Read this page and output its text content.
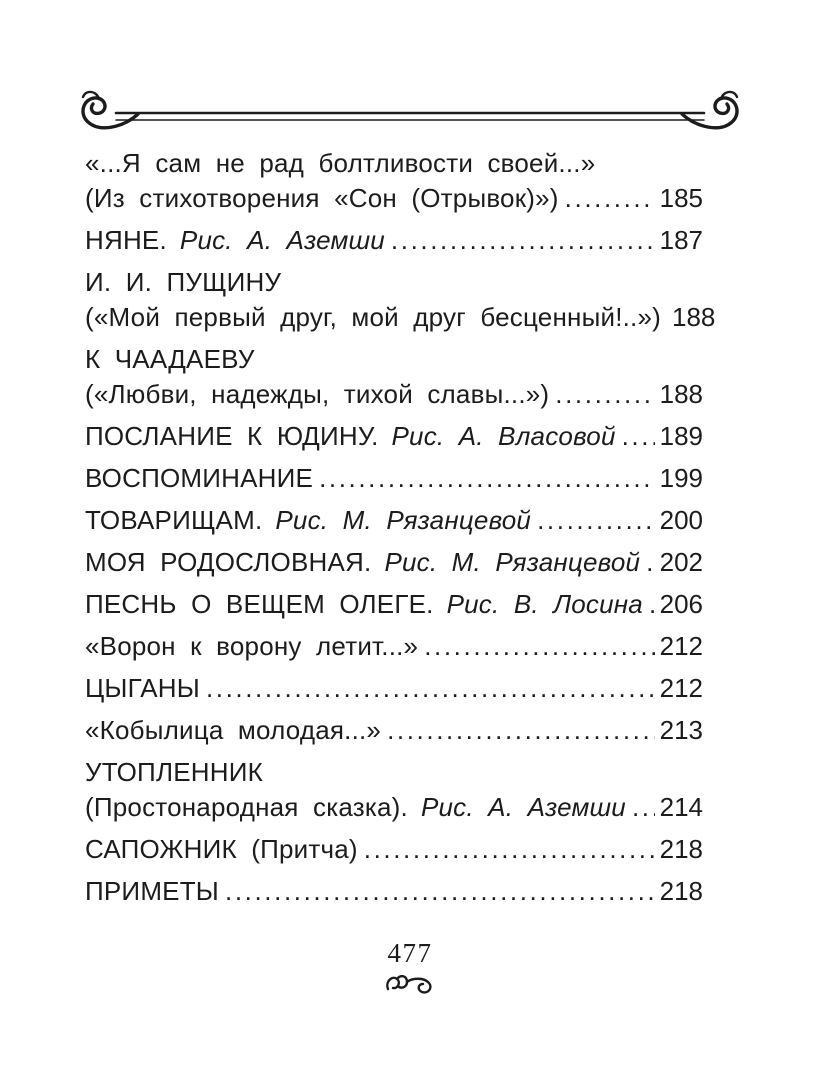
«...Я сам не рад болтливости своей...»
(Из стихотворения «Сон (Отрывок)») .....	185
НЯНЕ. Рис. А. Аземши .....	187
И. И. ПУЩИНУ
(«Мой первый друг, мой друг бесценный!..») 188
К ЧААДАЕВУ
(«Любви, надежды, тихой славы...») .....	188
ПОСЛАНИЕ К ЮДИНУ. Рис. А. Власовой ..... 189
ВОСПОМИНАНИЕ .....	199
ТОВАРИЩАМ. Рис. М. Рязанцевой .....	200
МОЯ РОДОСЛОВНАЯ. Рис. М. Рязанцевой ..... 202
ПЕСНЬ О ВЕЩЕМ ОЛЕГЕ. Рис. В. Лосина ..... 206
«Ворон к ворону летит...» .....	212
ЦЫГАНЫ .....	212
«Кобылица молодая...» .....	213
УТОПЛЕННИК
(Простонародная сказка). Рис. А. Аземши ..... 214
САПОЖНИК (Притча) .....	218
ПРИМЕТЫ .....	218
477
